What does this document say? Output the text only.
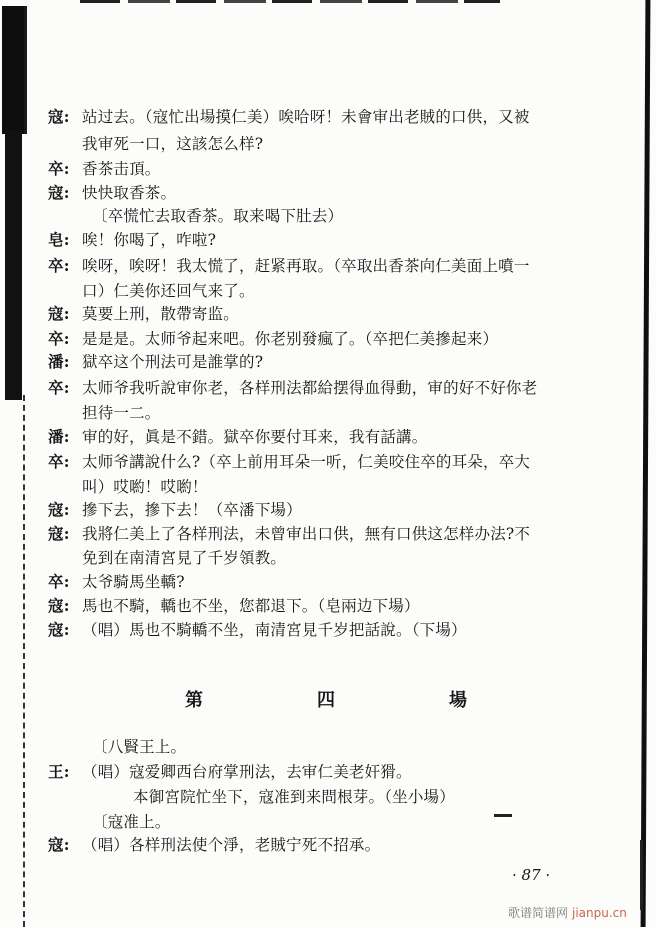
寇: 站过去。（寇忙出場摸仁美）唉哈呀！未會审出老賊的口供，又被
我审死一口，这該怎么样?
卒: 香茶击頂。
寇: 快快取香茶。
〔卒慌忙去取香茶。取来喝下肚去）
皂: 唉！你喝了，咋啦?
卒: 唉呀，唉呀！我太慌了，赶紧再取。（卒取出香茶向仁美面上噴一
口）仁美你还回气来了。
寇: 莫要上刑，散帶寄监。
卒: 是是是。太师爷起来吧。你老别發瘋了。（卒把仁美摻起来）
潘: 獄卒这个刑法可是誰掌的?
卒: 太师爷我听說审你老，各样刑法都給摆得血得動，审的好不好你老
担待一二。
潘: 审的好，眞是不錯。獄卒你要付耳来，我有話講。
卒: 太师爷講說什么?（卒上前用耳朵一听，仁美咬住卒的耳朵，卒大
叫）哎喲！哎喲！
寇: 摻下去，摻下去！（卒潘下場）
寇: 我將仁美上了各样刑法，未曾审出口供，無有口供这怎样办法?不
免到在南清宮見了千岁領教。
卒: 太爷騎馬坐轎?
寇: 馬也不騎，轎也不坐，您都退下。（皂兩边下場）
寇: （唱）馬也不騎轎不坐，南清宮見千岁把話說。（下場）
第　四　場
〔八賢王上。
王: （唱）寇爱卿西台府掌刑法，去审仁美老奸猾。
本御宮院忙坐下，寇准到来問根芽。（坐小場）
〔寇准上。
寇: （唱）各样刑法使个淨，老賊宁死不招承。
· 87 ·
歌谱简谱网 jianpu.cn
